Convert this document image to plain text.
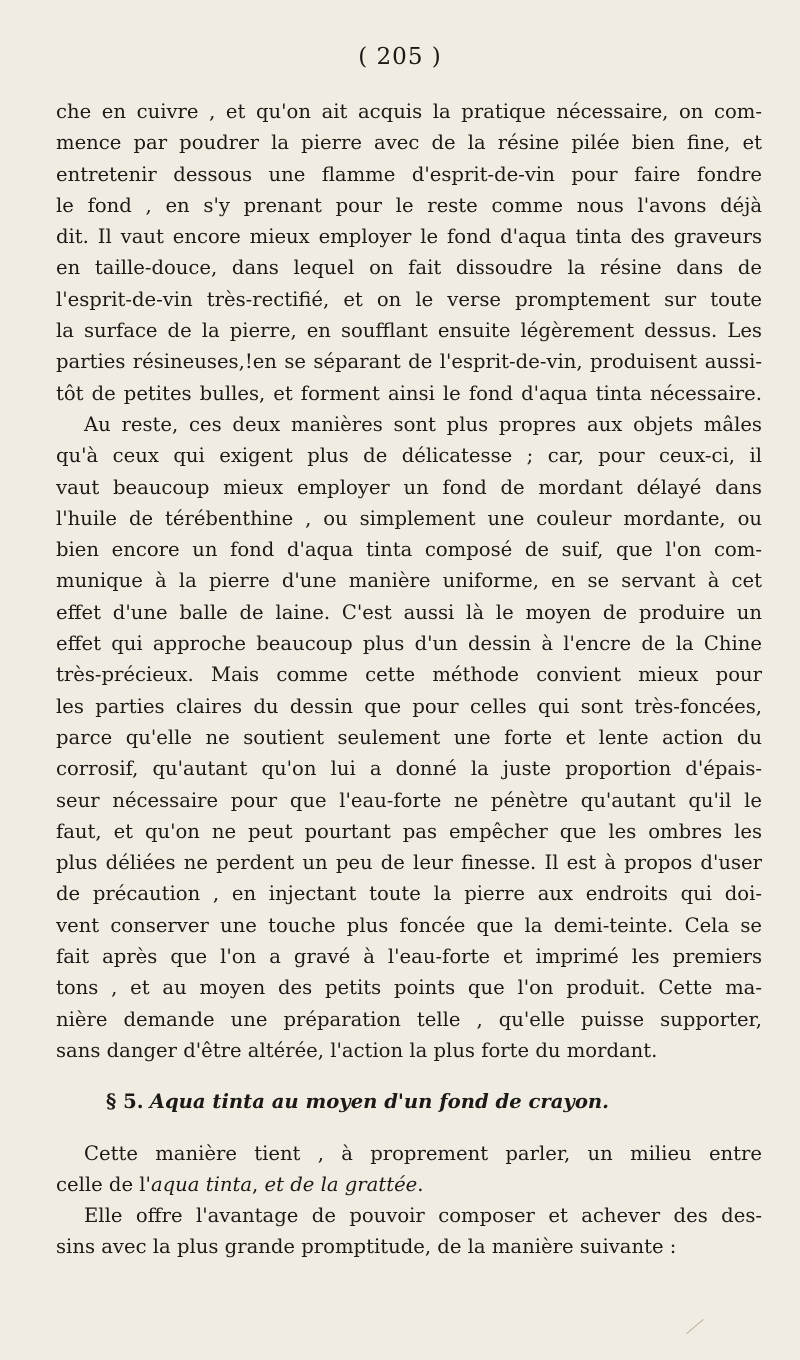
( 205 )
che en cuivre , et qu'on ait acquis la pratique nécessaire, on com-
mence par poudrer la pierre avec de la résine pilée bien fine, et
entretenir dessous une flamme d'esprit-de-vin pour faire fondre
le fond , en s'y prenant pour le reste comme nous l'avons déjà
dit. Il vaut encore mieux employer le fond d'aqua tinta des graveurs
en taille-douce, dans lequel on fait dissoudre la résine dans de
l'esprit-de-vin très-rectifié, et on le verse promptement sur toute
la surface de la pierre, en soufflant ensuite légèrement dessus. Les
parties résineuses,!en se séparant de l'esprit-de-vin, produisent aussi-
tôt de petites bulles, et forment ainsi le fond d'aqua tinta nécessaire.
Au reste, ces deux manières sont plus propres aux objets mâles
qu'à ceux qui exigent plus de délicatesse ; car, pour ceux-ci, il
vaut beaucoup mieux employer un fond de mordant délayé dans
l'huile de térébenthine , ou simplement une couleur mordante, ou
bien encore un fond d'aqua tinta composé de suif, que l'on com-
munique à la pierre d'une manière uniforme, en se servant à cet
effet d'une balle de laine. C'est aussi là le moyen de produire un
effet qui approche beaucoup plus d'un dessin à l'encre de la Chine
très-précieux. Mais comme cette méthode convient mieux pour
les parties claires du dessin que pour celles qui sont très-foncées,
parce qu'elle ne soutient seulement une forte et lente action du
corrosif, qu'autant qu'on lui a donné la juste proportion d'épais-
seur nécessaire pour que l'eau-forte ne pénètre qu'autant qu'il le
faut, et qu'on ne peut pourtant pas empêcher que les ombres les
plus déliées ne perdent un peu de leur finesse. Il est à propos d'user
de précaution , en injectant toute la pierre aux endroits qui doi-
vent conserver une touche plus foncée que la demi-teinte. Cela se
fait après que l'on a gravé à l'eau-forte et imprimé les premiers
tons , et au moyen des petits points que l'on produit. Cette ma-
nière demande une préparation telle , qu'elle puisse supporter,
sans danger d'être altérée, l'action la plus forte du mordant.
§ 5. Aqua tinta au moyen d'un fond de crayon.
Cette manière tient , à proprement parler, un milieu entre
celle de l'aqua tinta, et de la grattée.
Elle offre l'avantage de pouvoir composer et achever des des-
sins avec la plus grande promptitude, de la manière suivante :
